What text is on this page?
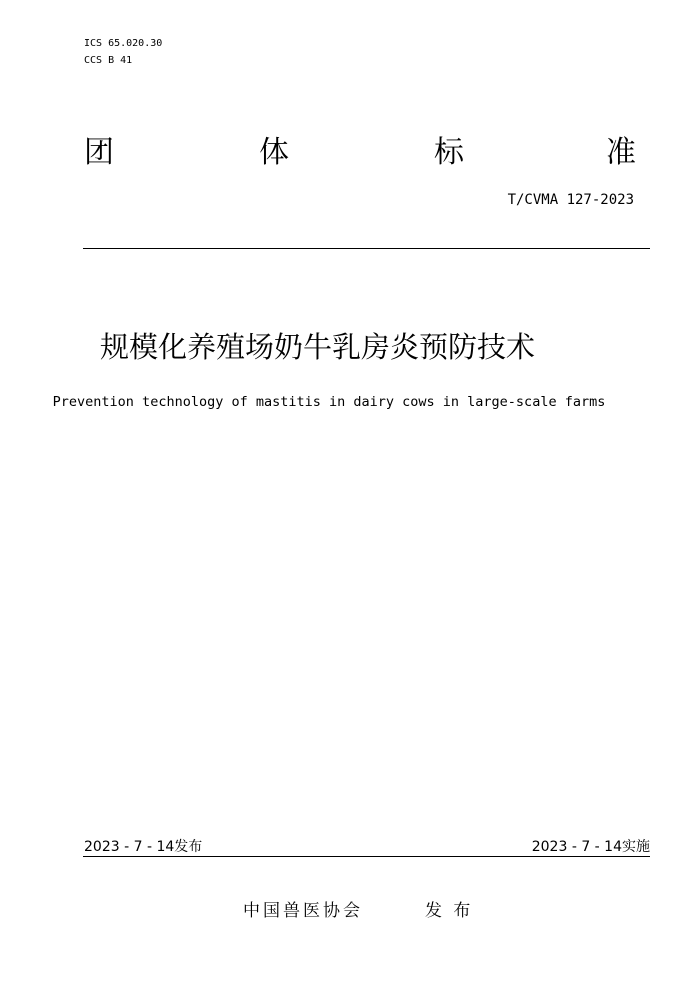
ICS 65.020.30
CCS B 41
团	体	标	准
T/CVMA 127-2023
规模化养殖场奶牛乳房炎预防技术
Prevention technology of mastitis in dairy cows in large-scale farms
2023 - 7 - 14发布	2023 - 7 - 14实施
中国兽医协会	发 布
